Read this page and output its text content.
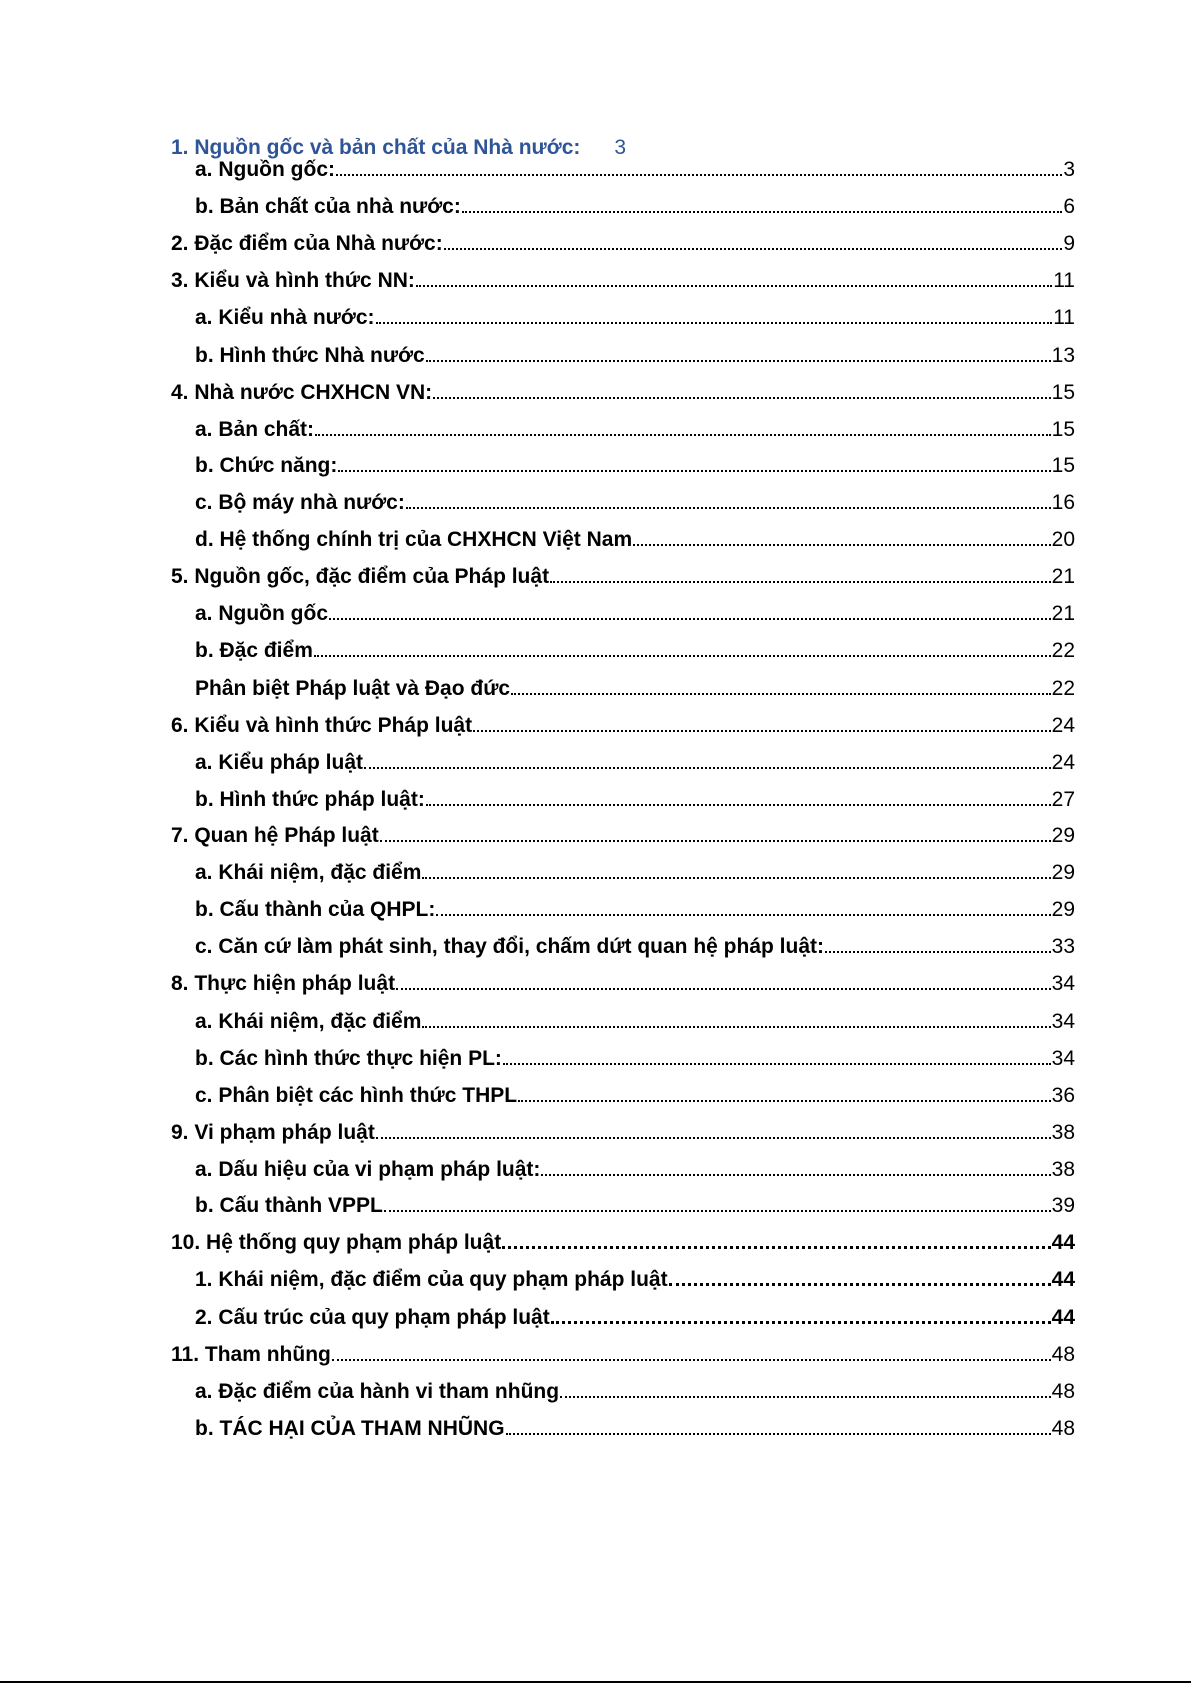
1. Nguồn gốc và bản chất của Nhà nước: 3
a. Nguồn gốc:	3
b. Bản chất của nhà nước:	6
2. Đặc điểm của Nhà nước:	9
3. Kiểu và hình thức NN:	11
a. Kiểu nhà nước:	11
b. Hình thức Nhà nước	13
4. Nhà nước CHXHCN VN:	15
a. Bản chất:	15
b. Chức năng:	15
c. Bộ máy nhà nước:	16
d. Hệ thống chính trị của CHXHCN Việt Nam	20
5. Nguồn gốc, đặc điểm của Pháp luật	21
a. Nguồn gốc	21
b. Đặc điểm	22
Phân biệt Pháp luật và Đạo đức	22
6. Kiểu và hình thức Pháp luật	24
a. Kiểu pháp luật	24
b. Hình thức pháp luật:	27
7. Quan hệ Pháp luật	29
a. Khái niệm, đặc điểm	29
b. Cấu thành của QHPL:	29
c. Căn cứ làm phát sinh, thay đổi, chấm dứt quan hệ pháp luật:	33
8. Thực hiện pháp luật	34
a. Khái niệm, đặc điểm	34
b. Các hình thức thực hiện PL:	34
c. Phân biệt các hình thức THPL	36
9. Vi phạm pháp luật	38
a. Dấu hiệu của vi phạm pháp luật:	38
b. Cấu thành VPPL	39
10. Hệ thống quy phạm pháp luật	44
1. Khái niệm, đặc điểm của quy phạm pháp luật	44
2. Cấu trúc của quy phạm pháp luật	44
11. Tham nhũng	48
a. Đặc điểm của hành vi tham nhũng	48
b. TÁC HẠI CỦA THAM NHŨNG	48
